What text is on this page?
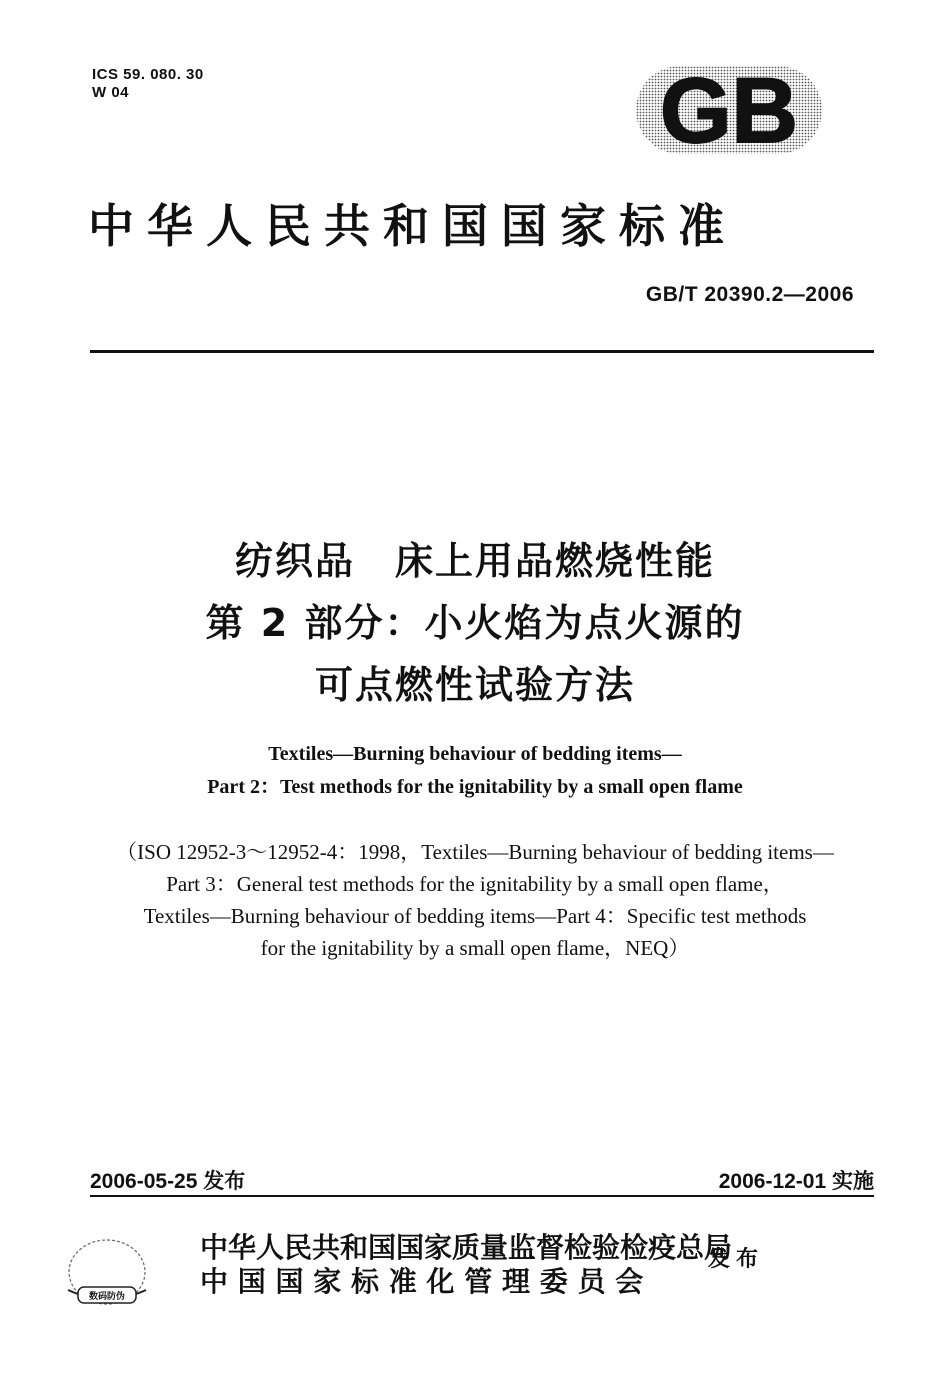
ICS 59. 080. 30
W 04	GB
中华人民共和国国家标准
GB/T 20390.2—2006
纺织品　床上用品燃烧性能
第 2 部分：小火焰为点火源的
可点燃性试验方法
Textiles—Burning behaviour of bedding items—
Part 2：Test methods for the ignitability by a small open flame
（ISO 12952-3～12952-4：1998，Textiles—Burning behaviour of bedding items—
Part 3：General test methods for the ignitability by a small open flame，
Textiles—Burning behaviour of bedding items—Part 4：Specific test methods
for the ignitability by a small open flame，NEQ）
2006-05-25 发布	2006-12-01 实施
数码防伪
中华人民共和国国家质量监督检验检疫总局
中 国 国 家 标 准 化 管 理 委 员 会
发布
